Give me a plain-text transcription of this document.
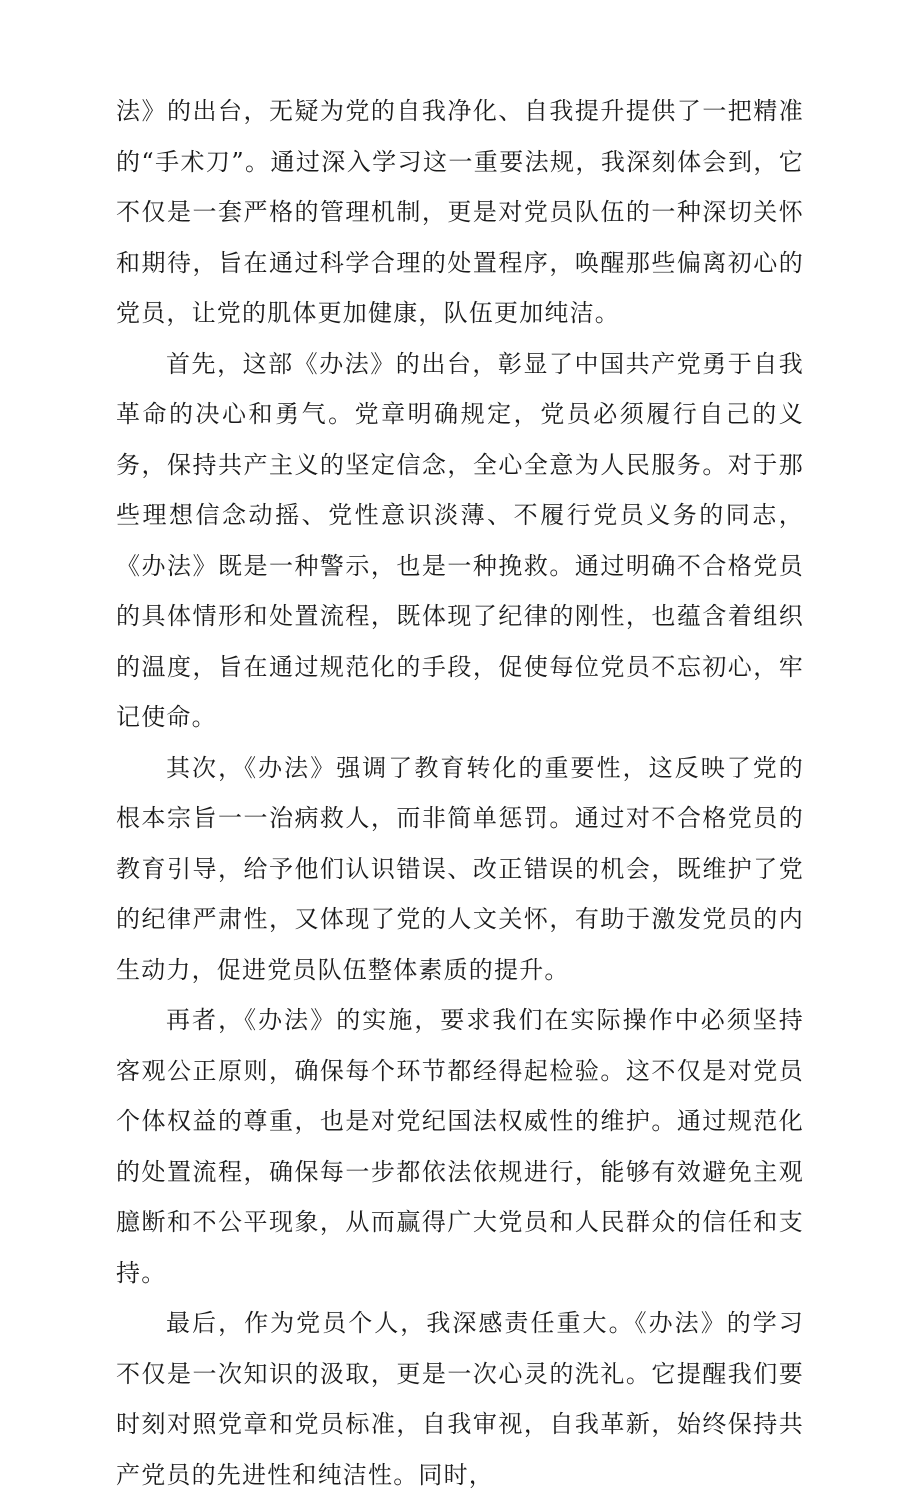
法》的出台，无疑为党的自我净化、自我提升提供了一把精准的“手术刀”。通过深入学习这一重要法规，我深刻体会到，它不仅是一套严格的管理机制，更是对党员队伍的一种深切关怀和期待，旨在通过科学合理的处置程序，唤醒那些偏离初心的党员，让党的肌体更加健康，队伍更加纯洁。

首先，这部《办法》的出台，彰显了中国共产党勇于自我革命的决心和勇气。党章明确规定，党员必须履行自己的义务，保持共产主义的坚定信念，全心全意为人民服务。对于那些理想信念动摇、党性意识淡薄、不履行党员义务的同志，《办法》既是一种警示，也是一种挽救。通过明确不合格党员的具体情形和处置流程，既体现了纪律的刚性，也蕴含着组织的温度，旨在通过规范化的手段，促使每位党员不忘初心，牢记使命。

其次，《办法》强调了教育转化的重要性，这反映了党的根本宗旨一一治病救人，而非简单惩罚。通过对不合格党员的教育引导，给予他们认识错误、改正错误的机会，既维护了党的纪律严肃性，又体现了党的人文关怀，有助于激发党员的内生动力，促进党员队伍整体素质的提升。

再者，《办法》的实施，要求我们在实际操作中必须坚持客观公正原则，确保每个环节都经得起检验。这不仅是对党员个体权益的尊重，也是对党纪国法权威性的维护。通过规范化的处置流程，确保每一步都依法依规进行，能够有效避免主观臆断和不公平现象，从而赢得广大党员和人民群众的信任和支持。

最后，作为党员个人，我深感责任重大。《办法》的学习不仅是一次知识的汲取，更是一次心灵的洗礼。它提醒我们要时刻对照党章和党员标准，自我审视，自我革新，始终保持共产党员的先进性和纯洁性。同时，
